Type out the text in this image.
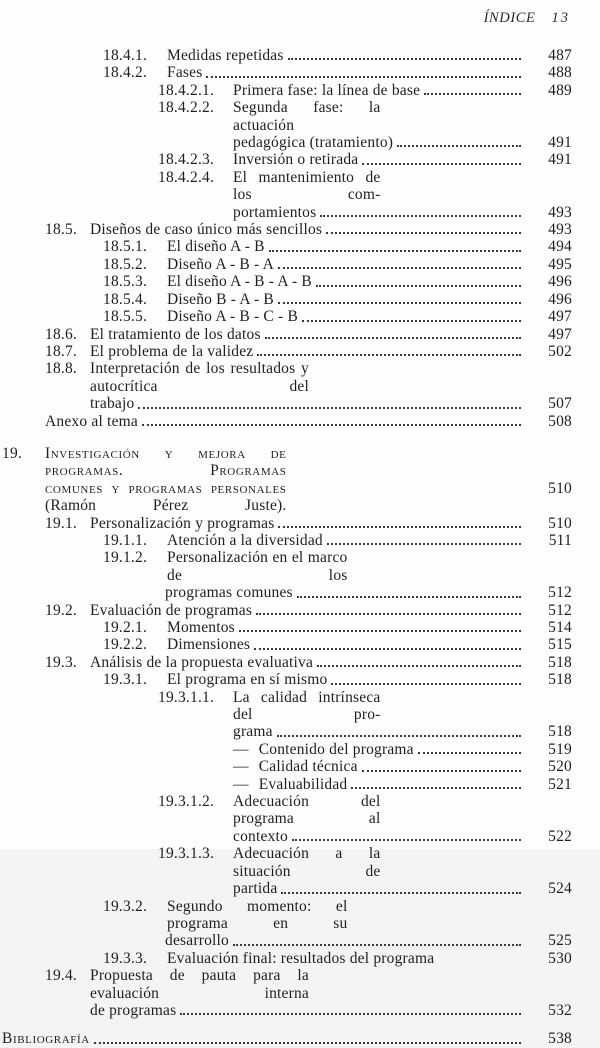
ÍNDICE 13
18.4.1.	Medidas repetidas	487
18.4.2.	Fases	488
18.4.2.1.	Primera fase: la línea de base	489
18.4.2.2.	Segunda fase: la actuación
pedagógica (tratamiento)	491
18.4.2.3.	Inversión o retirada	491
18.4.2.4.	El mantenimiento de los com-
portamientos	493
18.5. Diseños de caso único más sencillos	493
18.5.1.	El diseño A - B	494
18.5.2.	Diseño A - B - A	495
18.5.3.	El diseño A - B - A - B	496
18.5.4.	Diseño B - A - B	496
18.5.5.	Diseño A - B - C - B	497
18.6. El tratamiento de los datos	497
18.7. El problema de la validez	502
18.8. Interpretación de los resultados y autocrítica del
trabajo	507
Anexo al tema	508
19.	Investigación y mejora de programas. Programas
comunes y programas personales (Ramón Pérez Juste).
510
19.1. Personalización y programas	510
19.1.1.	Atención a la diversidad	511
19.1.2.	Personalización en el marco de los
programas comunes	512
19.2. Evaluación de programas	512
19.2.1.	Momentos	514
19.2.2.	Dimensiones	515
19.3. Análisis de la propuesta evaluativa	518
19.3.1.	El programa en sí mismo	518
19.3.1.1.	La calidad intrínseca del pro-
grama	518
— Contenido del programa	519
— Calidad técnica	520
— Evaluabilidad	521
19.3.1.2.	Adecuación del programa al
contexto	522
19.3.1.3.	Adecuación a la situación de
partida	524
19.3.2.	Segundo momento: el programa en su
desarrollo	525
19.3.3.	Evaluación final: resultados del programa	530
19.4. Propuesta de pauta para la evaluación interna
de programas	532
Bibliografía	538
